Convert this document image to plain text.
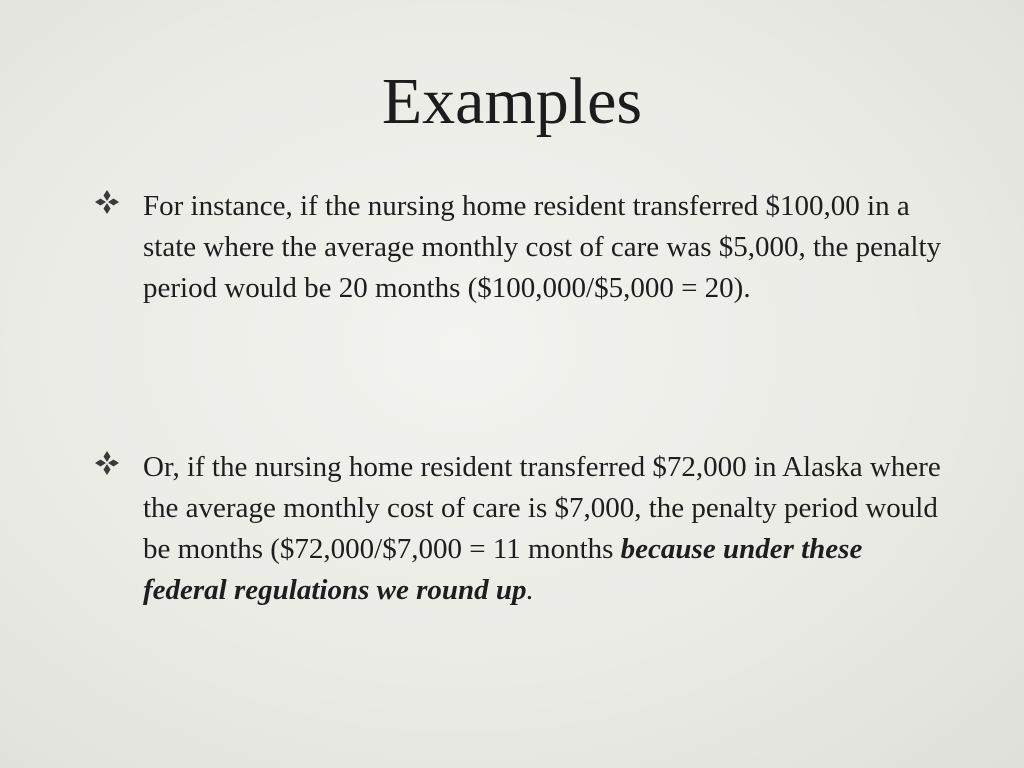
Examples
For instance, if the nursing home resident transferred $100,00 in a state where the average monthly cost of care was $5,000, the penalty period would be 20 months ($100,000/$5,000 = 20).
Or, if the nursing home resident transferred $72,000 in Alaska where the average monthly cost of care is $7,000, the penalty period would be months ($72,000/$7,000 = 11 months because under these federal regulations we round up.
